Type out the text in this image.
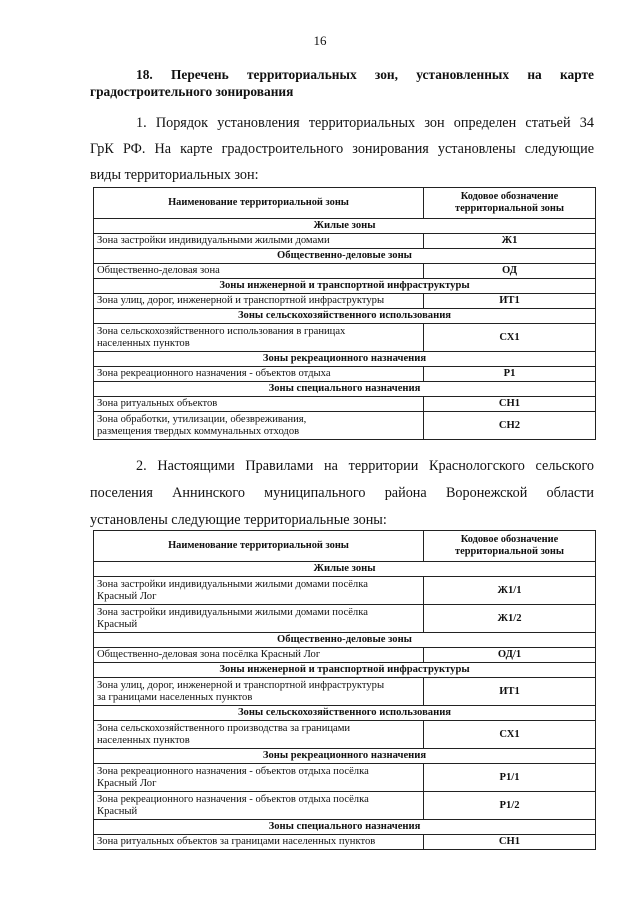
16
18. Перечень территориальных зон, установленных на карте
градостроительного зонирования
1. Порядок установления территориальных зон определен статьей 34
ГрК РФ. На карте градостроительного зонирования установлены следующие
виды территориальных зон:
Наименование территориальной зоны	Кодовое обозначение
территориальной зоны
Жилые зоны	
Зона застройки индивидуальными жилыми домами	Ж1
Общественно-деловые зоны	
Общественно-деловая зона	ОД
Зоны инженерной и транспортной инфраструктуры	
Зона улиц, дорог, инженерной и транспортной инфраструктуры	ИТ1
Зоны сельскохозяйственного использования	
Зона сельскохозяйственного использования в границах
населенных пунктов	СХ1
Зоны рекреационного назначения	
Зона рекреационного назначения - объектов отдыха	Р1
Зоны специального назначения	
Зона ритуальных объектов	СН1
Зона обработки, утилизации, обезвреживания,
размещения твердых коммунальных отходов	СН2
2. Настоящими Правилами на территории Краснологского сельского
поселения Аннинского муниципального района Воронежской области
установлены следующие территориальные зоны:
Наименование территориальной зоны	Кодовое обозначение
территориальной зоны
Жилые зоны	
Зона застройки индивидуальными жилыми домами посёлка
Красный Лог	Ж1/1
Зона застройки индивидуальными жилыми домами посёлка
Красный	Ж1/2
Общественно-деловые зоны	
Общественно-деловая зона посёлка Красный Лог	ОД/1
Зоны инженерной и транспортной инфраструктуры	
Зона улиц, дорог, инженерной и транспортной инфраструктуры
за границами населенных пунктов	ИТ1
Зоны сельскохозяйственного использования	
Зона сельскохозяйственного производства за границами
населенных пунктов	СХ1
Зоны рекреационного назначения	
Зона рекреационного назначения - объектов отдыха посёлка
Красный Лог	Р1/1
Зона рекреационного назначения - объектов отдыха посёлка
Красный	Р1/2
Зоны специального назначения	
Зона ритуальных объектов за границами населенных пунктов	СН1
